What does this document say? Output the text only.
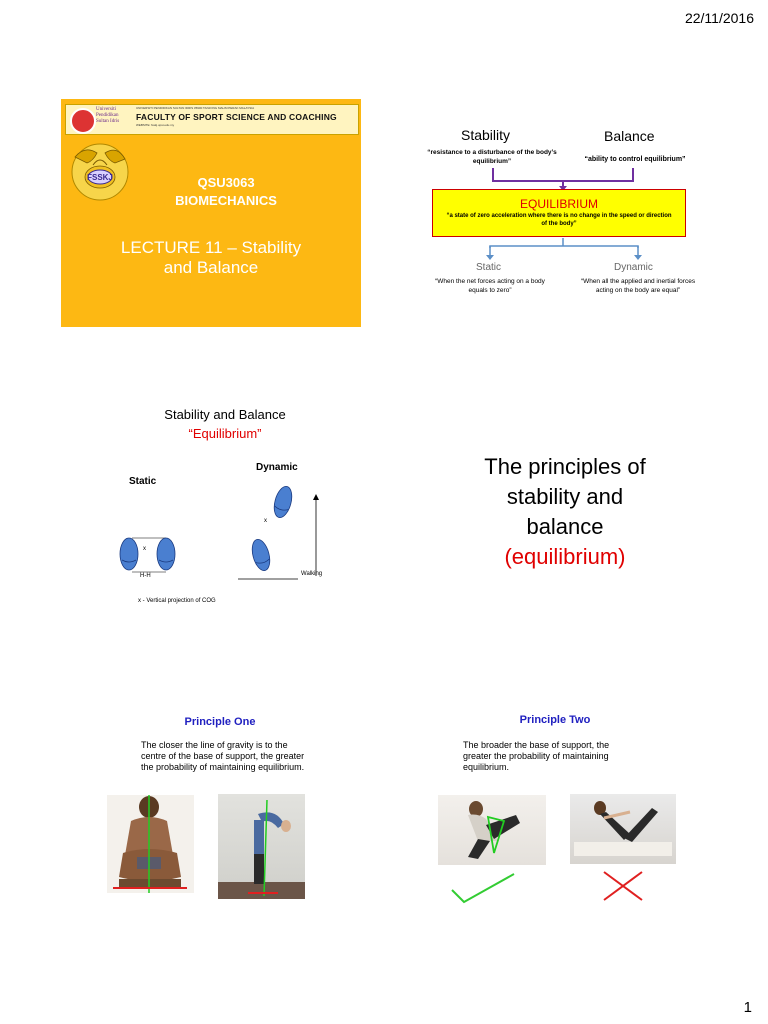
22/11/2016
1
Universiti Pendidikan Sultan Idris
UNIVERSITI PENDIDIKAN SULTAN IDRIS 35900 TANJONG MALIM PERAK MALAYSIA
FACULTY OF SPORT SCIENCE AND COACHING
WEBSITE: fsskj.upsi.edu.my
FSSKJ	QSU3063
BIOMECHANICS
LECTURE 11 – Stability
and Balance
Stability	Balance
“resistance to a disturbance of the body’s equilibrium”	“ability to control equilibrium”
EQUILIBRIUM
“a state of zero acceleration where there is no change in the speed or direction of the body”
Static	Dynamic
“When the net forces acting on a body equals to zero”
“When all the applied and inertial forces acting on the body are equal”
Stability and Balance
“Equilibrium”
Dynamic
Static
x
x
H-H	Walking
x - Vertical projection of COG
The principles of
stability and
balance
(equilibrium)
Principle One
The closer the line of gravity is to the centre of the base of support, the greater the probability of maintaining equilibrium.
Principle Two
The broader the base of support, the greater the probability of maintaining equilibrium.
